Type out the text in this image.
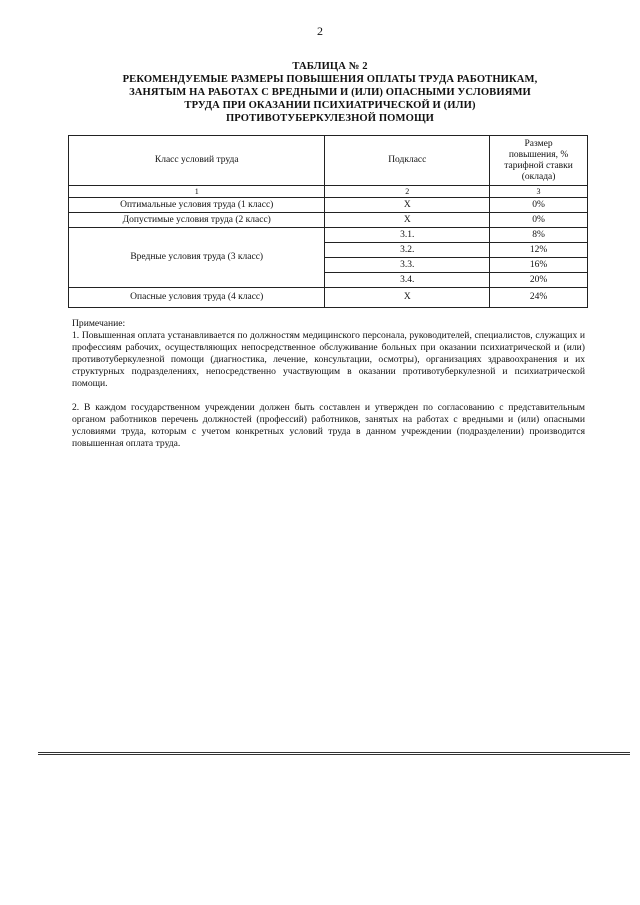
2
ТАБЛИЦА № 2
РЕКОМЕНДУЕМЫЕ РАЗМЕРЫ ПОВЫШЕНИЯ ОПЛАТЫ ТРУДА РАБОТНИКАМ,
ЗАНЯТЫМ НА РАБОТАХ С ВРЕДНЫМИ И (ИЛИ) ОПАСНЫМИ УСЛОВИЯМИ
ТРУДА ПРИ ОКАЗАНИИ ПСИХИАТРИЧЕСКОЙ И (ИЛИ)
ПРОТИВОТУБЕРКУЛЕЗНОЙ ПОМОЩИ
Класс условий труда	Подкласс	Размер
повышения, %
тарифной ставки
(оклада)

1	2	3
Оптимальные условия труда (1 класс)	Х	0%
Допустимые условия труда (2 класс)	Х	0%
Вредные условия труда (3 класс)	3.1.	8%
	3.2.	12%
	3.3.	16%
	3.4.	20%
Опасные условия труда (4 класс)	Х	24%

Примечание:

1. Повышенная оплата устанавливается по должностям медицинского персонала, руководителей, специалистов, служащих и профессиям рабочих, осуществляющих непосредственное обслуживание больных при оказании психиатрической и (или) противотуберкулезной помощи (диагностика, лечение, консультации, осмотры), организациях здравоохранения и их структурных подразделениях, непосредственно участвующим в оказании противотуберкулезной и психиатрической помощи.

2. В каждом государственном учреждении должен быть составлен и утвержден по согласованию с представительным органом работников перечень должностей (профессий) работников, занятых на работах с вредными и (или) опасными условиями труда, которым с учетом конкретных условий труда в данном учреждении (подразделении) производится повышенная оплата труда.
